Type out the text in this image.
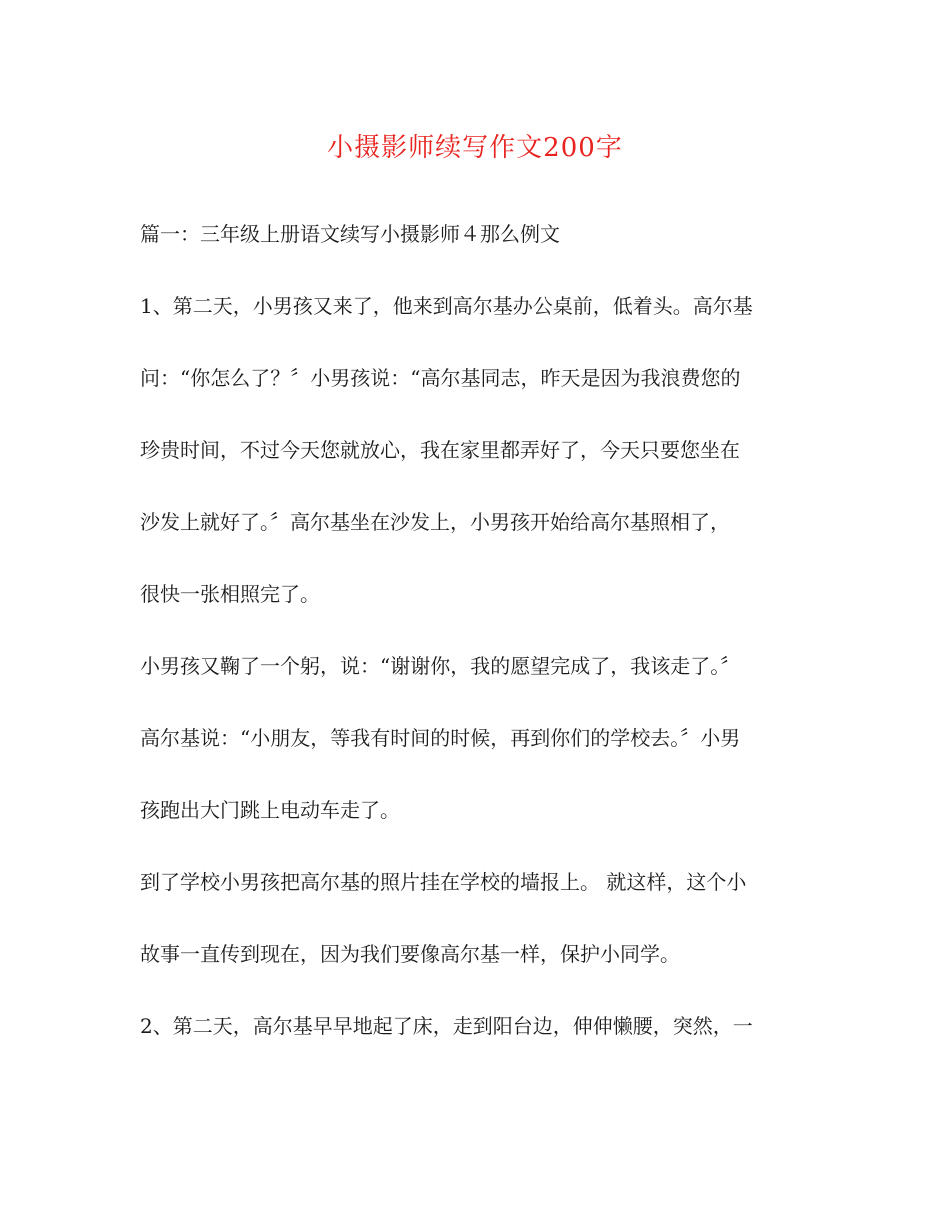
小摄影师续写作文200字

篇一：三年级上册语文续写小摄影师４那么例文

1、第二天，小男孩又来了，他来到高尔基办公桌前，低着头。高尔基

问：“你怎么了？〞小男孩说：“高尔基同志，昨天是因为我浪费您的

珍贵时间，不过今天您就放心，我在家里都弄好了，今天只要您坐在

沙发上就好了。〞高尔基坐在沙发上，小男孩开始给高尔基照相了，

很快一张相照完了。

小男孩又鞠了一个躬，说：“谢谢你，我的愿望完成了，我该走了。〞

高尔基说：“小朋友，等我有时间的时候，再到你们的学校去。〞小男

孩跑出大门跳上电动车走了。

到了学校小男孩把高尔基的照片挂在学校的墙报上。 就这样，这个小

故事一直传到现在，因为我们要像高尔基一样，保护小同学。

2、第二天，高尔基早早地起了床，走到阳台边，伸伸懒腰，突然，一
